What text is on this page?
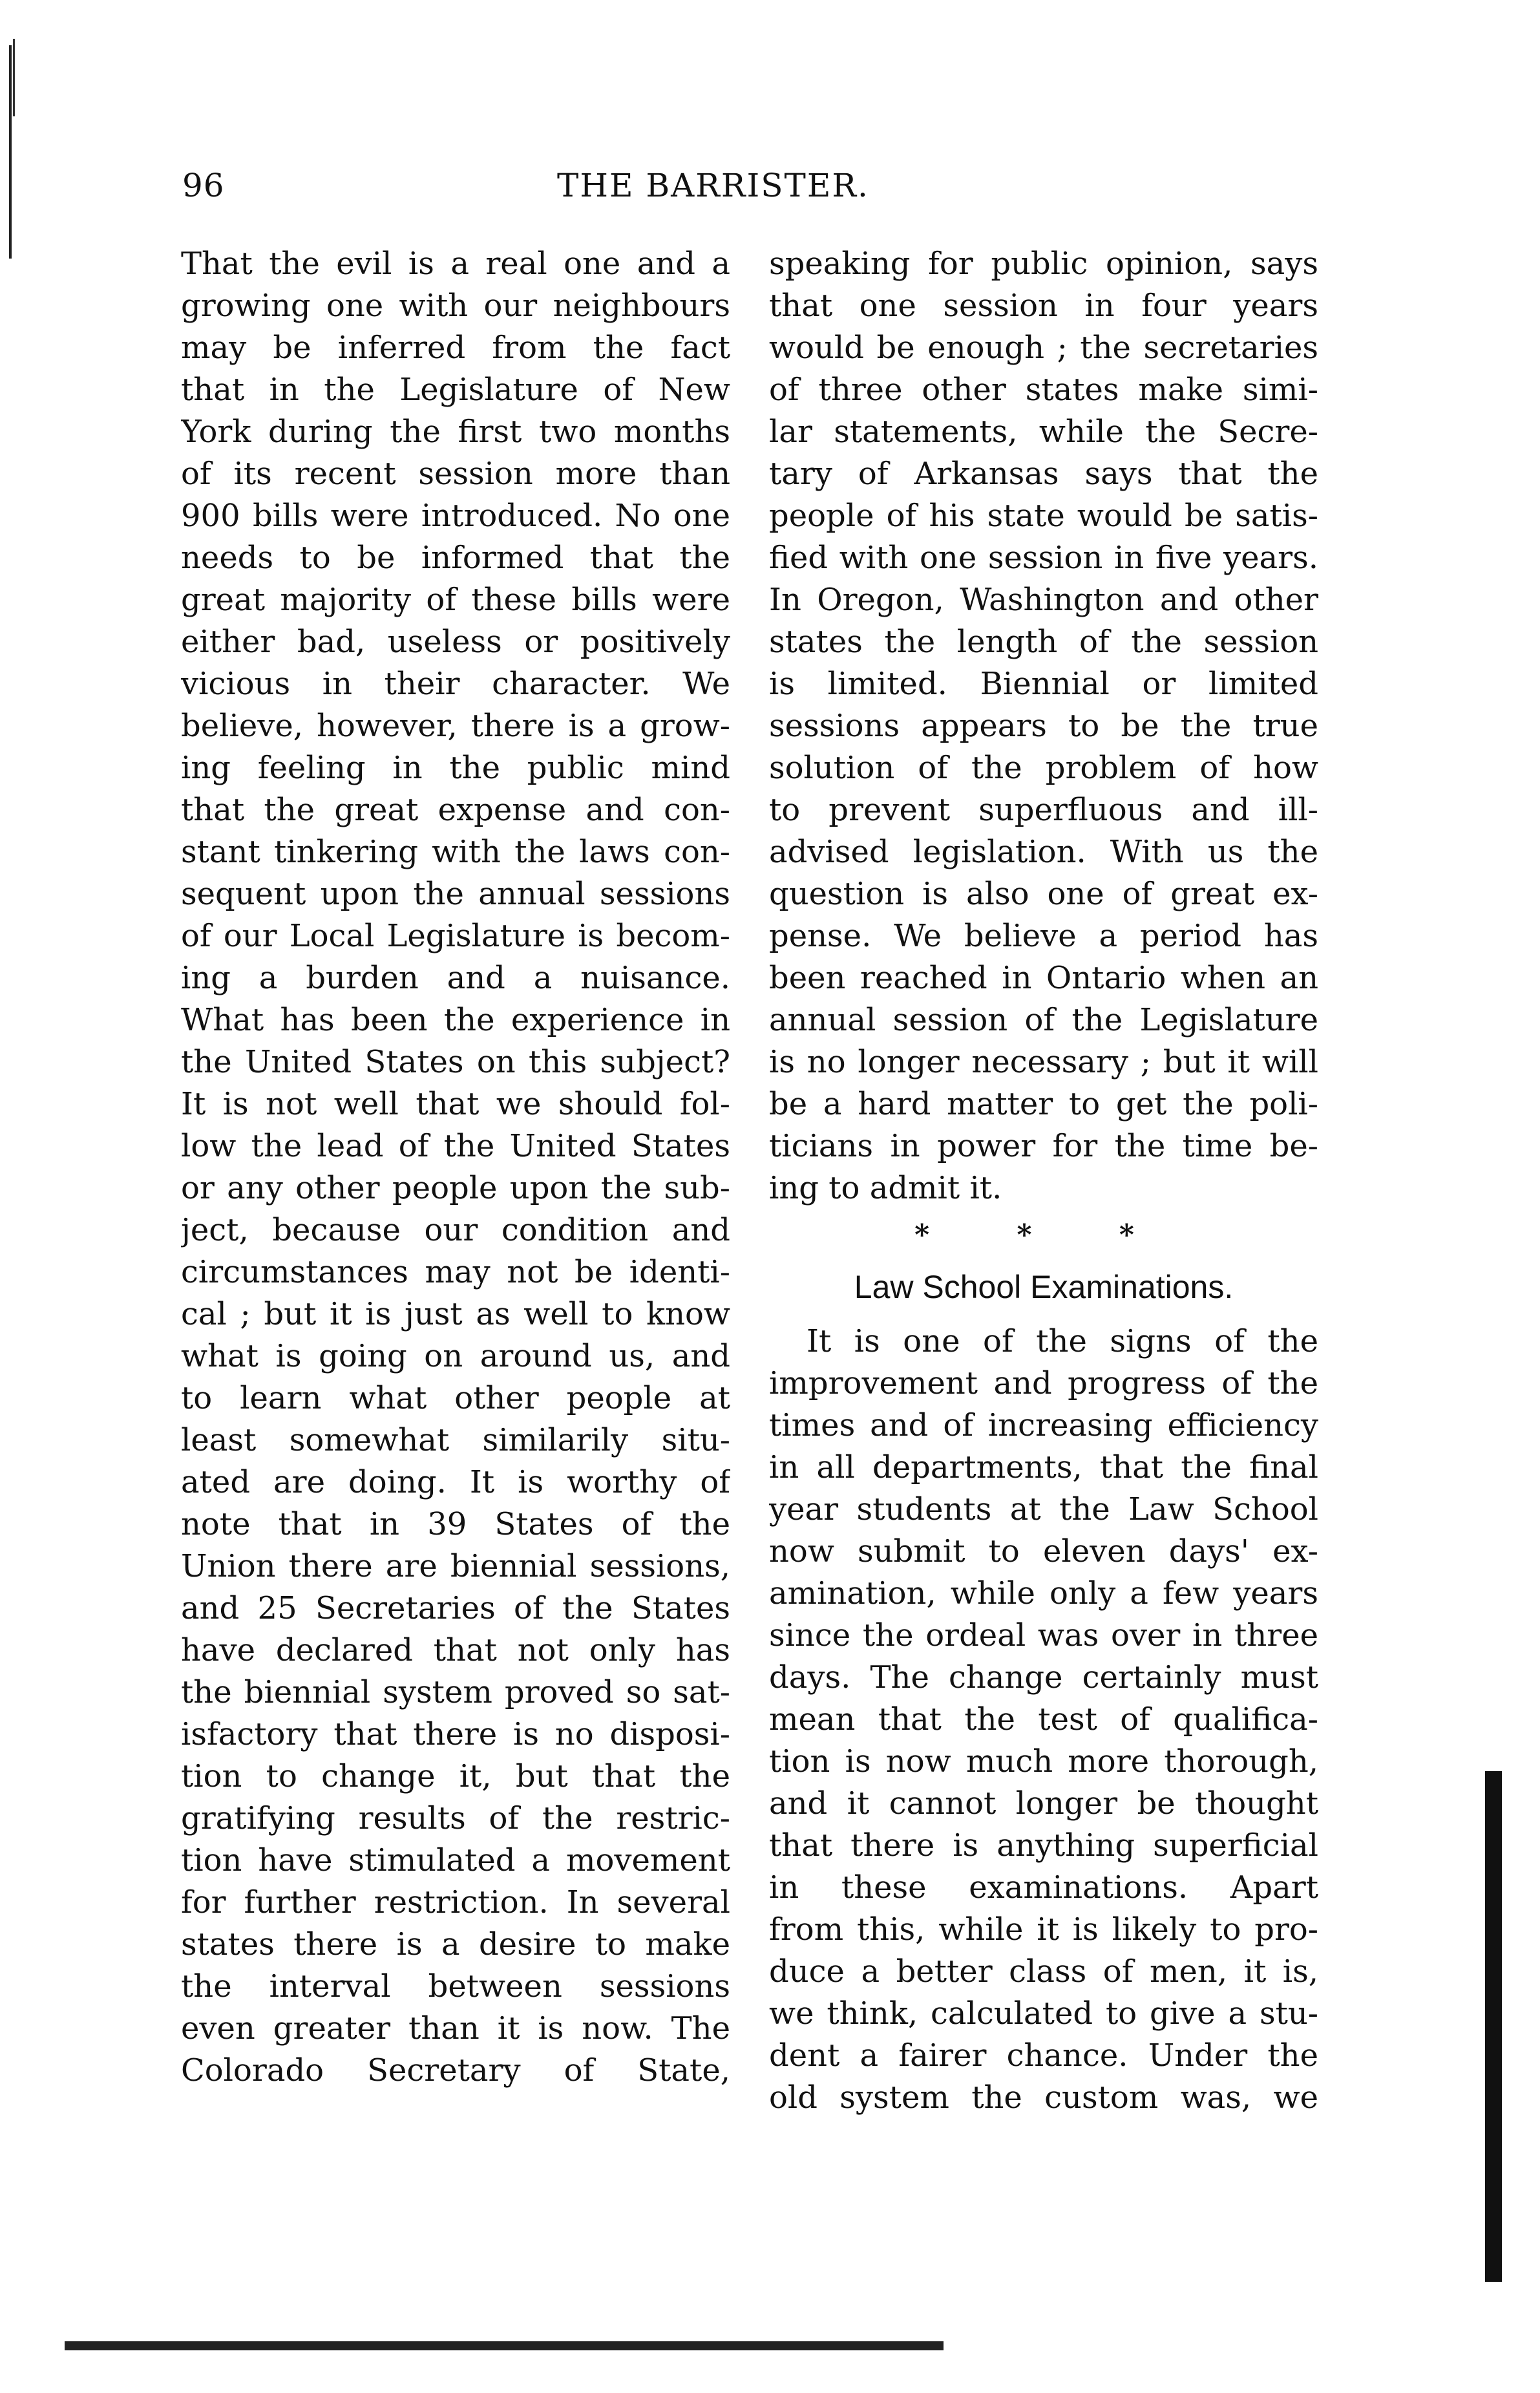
96	THE BARRISTER.
That the evil is a real one and a
growing one with our neighbours
may be inferred from the fact
that in the Legislature of New
York during the first two months
of its recent session more than
900 bills were introduced. No one
needs to be informed that the
great majority of these bills were
either bad, useless or positively
vicious in their character. We
believe, however, there is a grow-
ing feeling in the public mind
that the great expense and con-
stant tinkering with the laws con-
sequent upon the annual sessions
of our Local Legislature is becom-
ing a burden and a nuisance.
What has been the experience in
the United States on this subject?
It is not well that we should fol-
low the lead of the United States
or any other people upon the sub-
ject, because our condition and
circumstances may not be identi-
cal ; but it is just as well to know
what is going on around us, and
to learn what other people at
least somewhat similarily situ-
ated are doing. It is worthy of
note that in 39 States of the
Union there are biennial sessions,
and 25 Secretaries of the States
have declared that not only has
the biennial system proved so sat-
isfactory that there is no disposi-
tion to change it, but that the
gratifying results of the restric-
tion have stimulated a movement
for further restriction. In several
states there is a desire to make
the interval between sessions
even greater than it is now. The
Colorado Secretary of State,
speaking for public opinion, says
that one session in four years
would be enough ; the secretaries
of three other states make simi-
lar statements, while the Secre-
tary of Arkansas says that the
people of his state would be satis-
fied with one session in five years.
In Oregon, Washington and other
states the length of the session
is limited. Biennial or limited
sessions appears to be the true
solution of the problem of how
to prevent superfluous and ill-
advised legislation. With us the
question is also one of great ex-
pense. We believe a period has
been reached in Ontario when an
annual session of the Legislature
is no longer necessary ; but it will
be a hard matter to get the poli-
ticians in power for the time be-
ing to admit it.
* * *
Law School Examinations.
It is one of the signs of the
improvement and progress of the
times and of increasing efficiency
in all departments, that the final
year students at the Law School
now submit to eleven days' ex-
amination, while only a few years
since the ordeal was over in three
days. The change certainly must
mean that the test of qualifica-
tion is now much more thorough,
and it cannot longer be thought
that there is anything superficial
in these examinations. Apart
from this, while it is likely to pro-
duce a better class of men, it is,
we think, calculated to give a stu-
dent a fairer chance. Under the
old system the custom was, we
